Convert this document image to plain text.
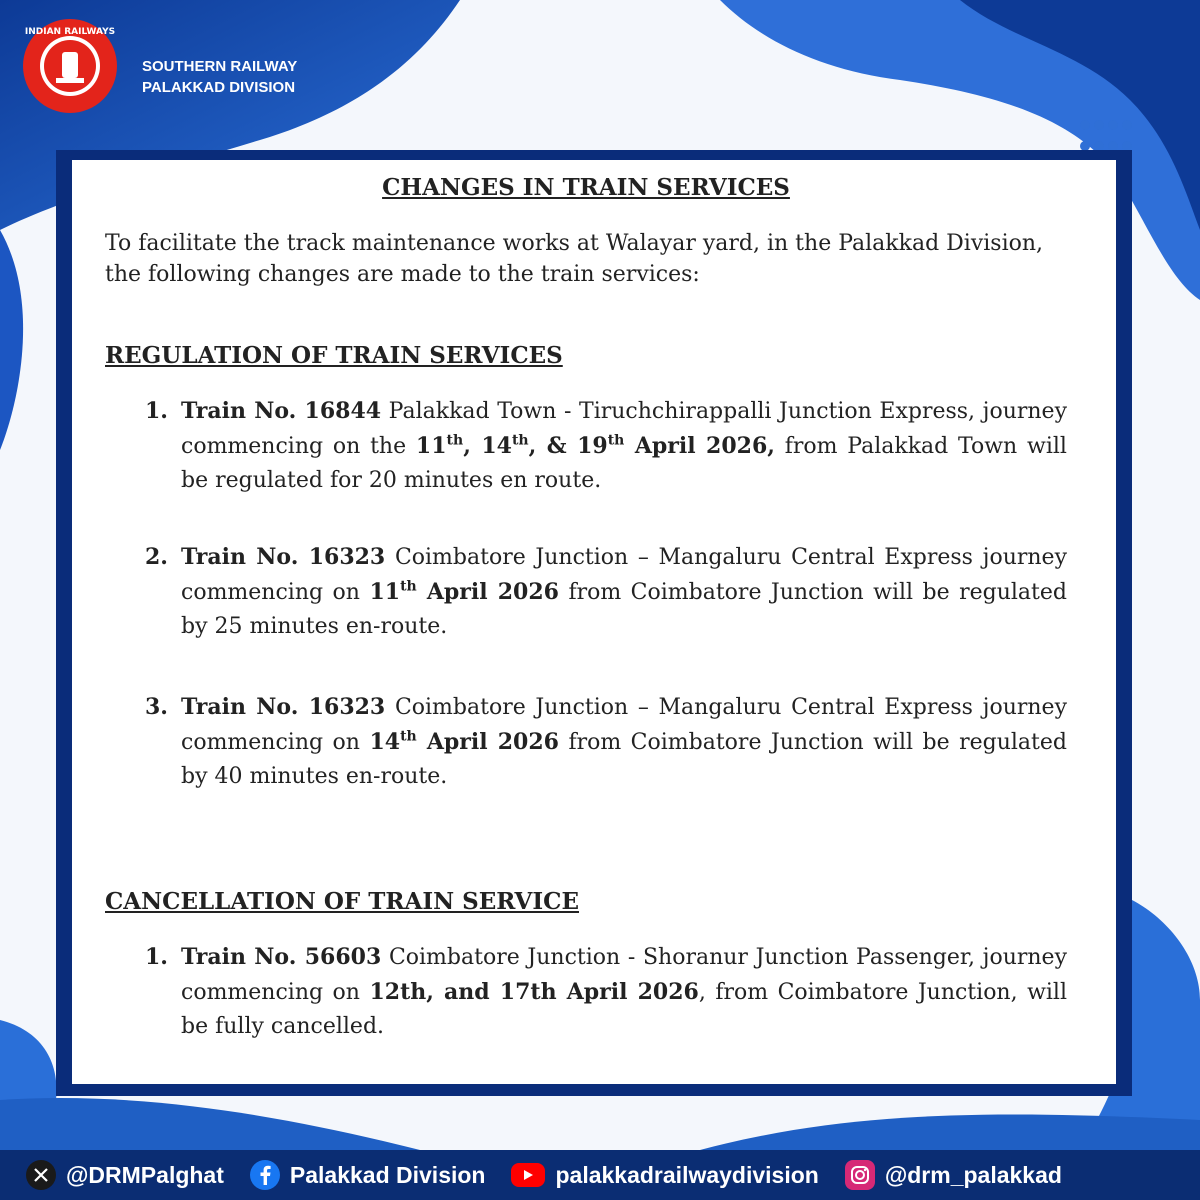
INDIAN RAILWAYS
SOUTHERN RAILWAY
PALAKKAD DIVISION
CHANGES IN TRAIN SERVICES
To facilitate the track maintenance works at Walayar yard, in the Palakkad Division, the following changes are made to the train services:
REGULATION OF TRAIN SERVICES
1. Train No. 16844 Palakkad Town - Tiruchchirappalli Junction Express, journey commencing on the 11th, 14th, & 19th April 2026, from Palakkad Town will be regulated for 20 minutes en route.
2. Train No. 16323 Coimbatore Junction – Mangaluru Central Express journey commencing on 11th April 2026 from Coimbatore Junction will be regulated by 25 minutes en-route.
3. Train No. 16323 Coimbatore Junction – Mangaluru Central Express journey commencing on 14th April 2026 from Coimbatore Junction will be regulated by 40 minutes en-route.
CANCELLATION OF TRAIN SERVICE
1. Train No. 56603 Coimbatore Junction - Shoranur Junction Passenger, journey commencing on 12th, and 17th April 2026, from Coimbatore Junction, will be fully cancelled.
@DRMPalghat	Palakkad Division	palakkadrailwaydivision	@drm_palakkad
